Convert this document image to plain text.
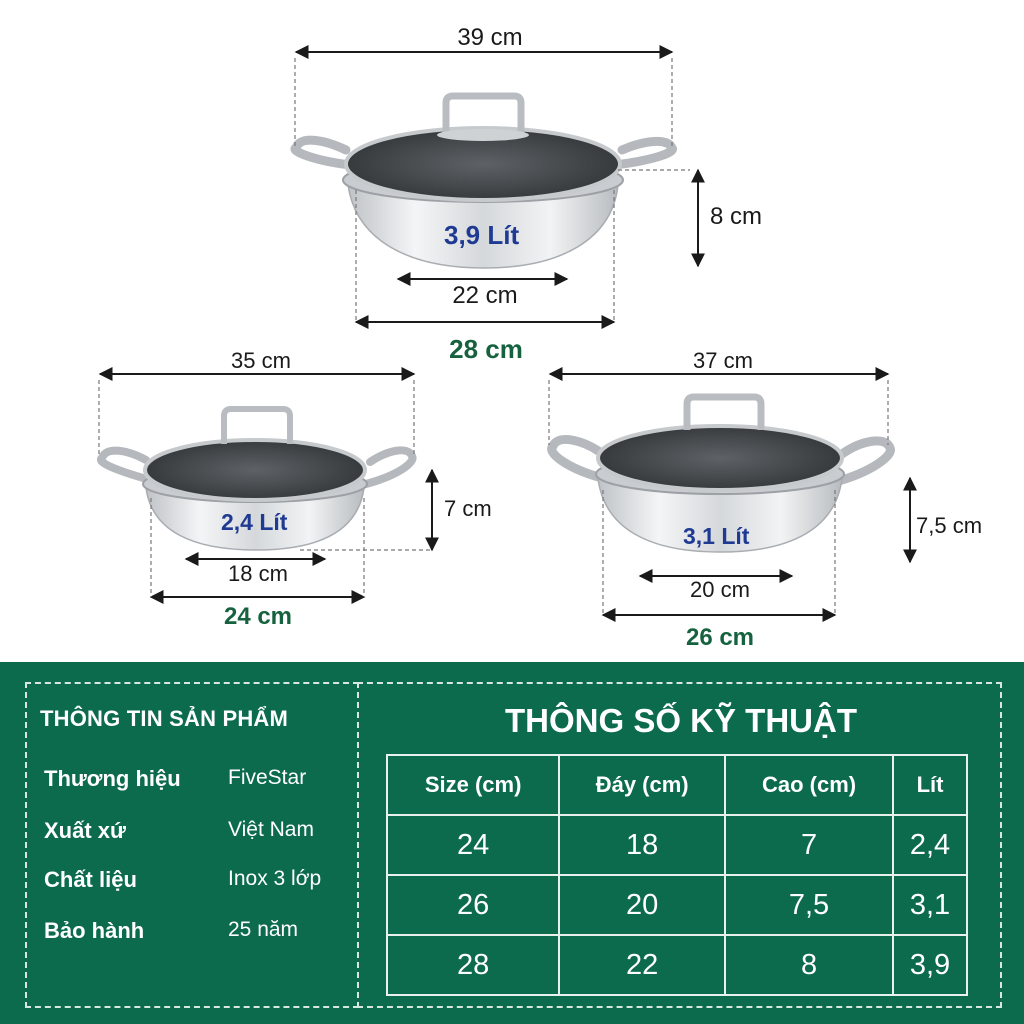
39 cm
8 cm
22 cm
28 cm
3,9 Lít
35 cm
7 cm
18 cm
24 cm
2,4 Lít
37 cm
7,5 cm
20 cm
26 cm
3,1 Lít
THÔNG TIN SẢN PHẨM
Thương hiệu FiveStar
Xuất xứ	Việt Nam
Chất liệu	Inox 3 lớp
Bảo hành	25 năm
THÔNG SỐ KỸ THUẬT
Size (cm)	Đáy (cm)	Cao (cm)	Lít
24	18	7	2,4
26	20	7,5	3,1
28	22	8	3,9
